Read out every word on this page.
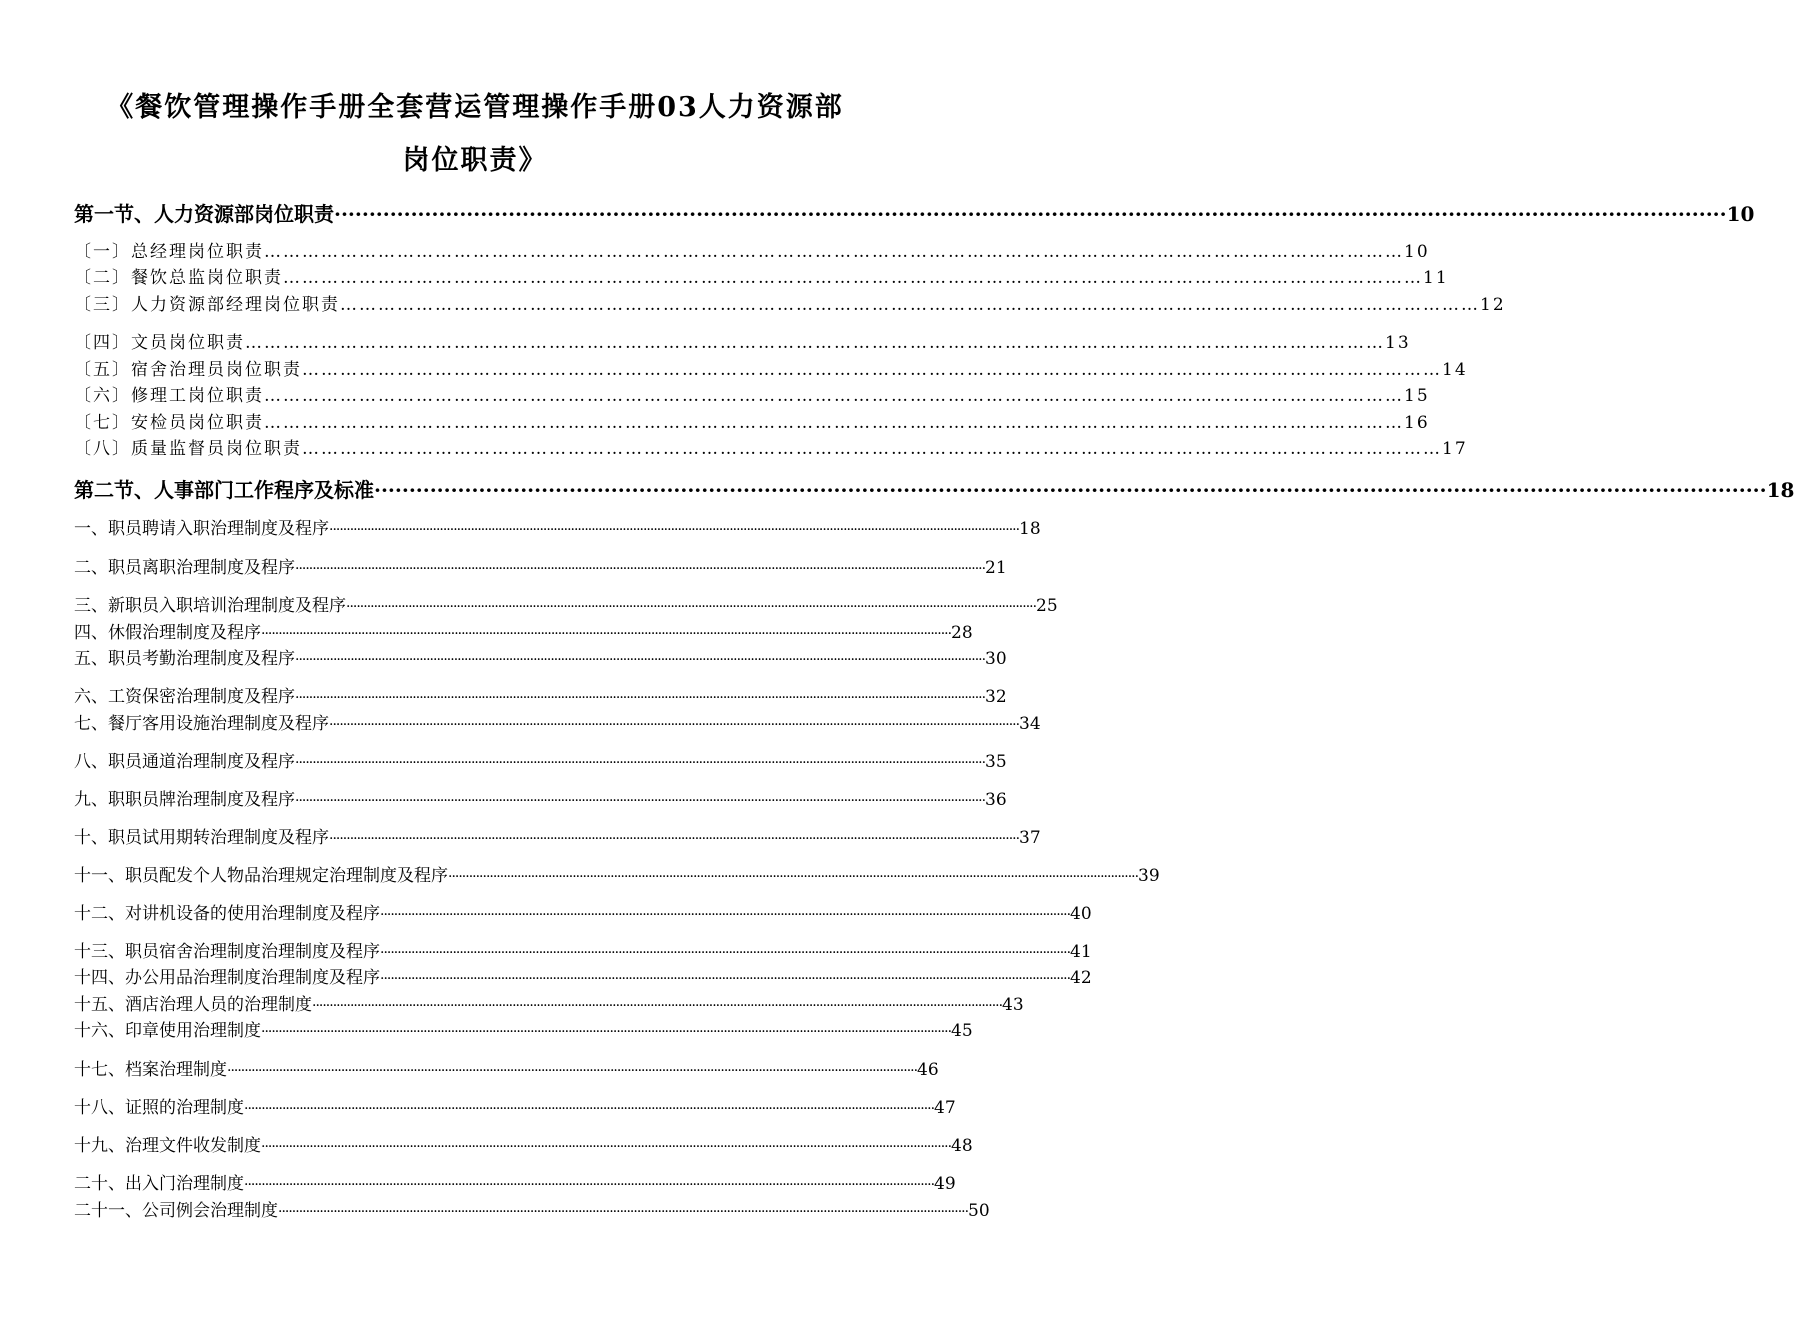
《餐饮管理操作手册全套营运管理操作手册03人力资源部
岗位职责》
第一节、人力资源部岗位职责 ········································································································································································································ 10
〔一〕总经理岗位职责 ……………………………………………………………………………………………………………………………………………………………… 10
〔二〕餐饮总监岗位职责 ……………………………………………………………………………………………………………………………………………………………… 11
〔三〕人力资源部经理岗位职责 ……………………………………………………………………………………………………………………………………………………………… 12
〔四〕文员岗位职责 ……………………………………………………………………………………………………………………………………………………………… 13
〔五〕宿舍治理员岗位职责 ……………………………………………………………………………………………………………………………………………………………… 14
〔六〕修理工岗位职责 ……………………………………………………………………………………………………………………………………………………………… 15
〔七〕安检员岗位职责 ……………………………………………………………………………………………………………………………………………………………… 16
〔八〕质量监督员岗位职责 ……………………………………………………………………………………………………………………………………………………………… 17
第二节、人事部门工作程序及标准 ········································································································································································································ 18
一、职员聘请入职治理制度及程序 ········································································································································································································ 18
二、职员离职治理制度及程序 ········································································································································································································ 21
三、新职员入职培训治理制度及程序 ········································································································································································································ 25
四、休假治理制度及程序 ········································································································································································································ 28
五、职员考勤治理制度及程序 ········································································································································································································ 30
六、工资保密治理制度及程序 ········································································································································································································ 32
七、餐厅客用设施治理制度及程序 ········································································································································································································ 34
八、职员通道治理制度及程序 ········································································································································································································ 35
九、职职员牌治理制度及程序 ········································································································································································································ 36
十、职员试用期转治理制度及程序 ········································································································································································································ 37
十一、职员配发个人物品治理规定治理制度及程序 ········································································································································································································ 39
十二、对讲机设备的使用治理制度及程序 ········································································································································································································ 40
十三、职员宿舍治理制度治理制度及程序 ········································································································································································································ 41
十四、办公用品治理制度治理制度及程序 ········································································································································································································ 42
十五、酒店治理人员的治理制度 ········································································································································································································ 43
十六、印章使用治理制度 ········································································································································································································ 45
十七、档案治理制度 ········································································································································································································ 46
十八、证照的治理制度 ········································································································································································································ 47
十九、治理文件收发制度 ········································································································································································································ 48
二十、出入门治理制度 ········································································································································································································ 49
二十一、公司例会治理制度 ········································································································································································································ 50
